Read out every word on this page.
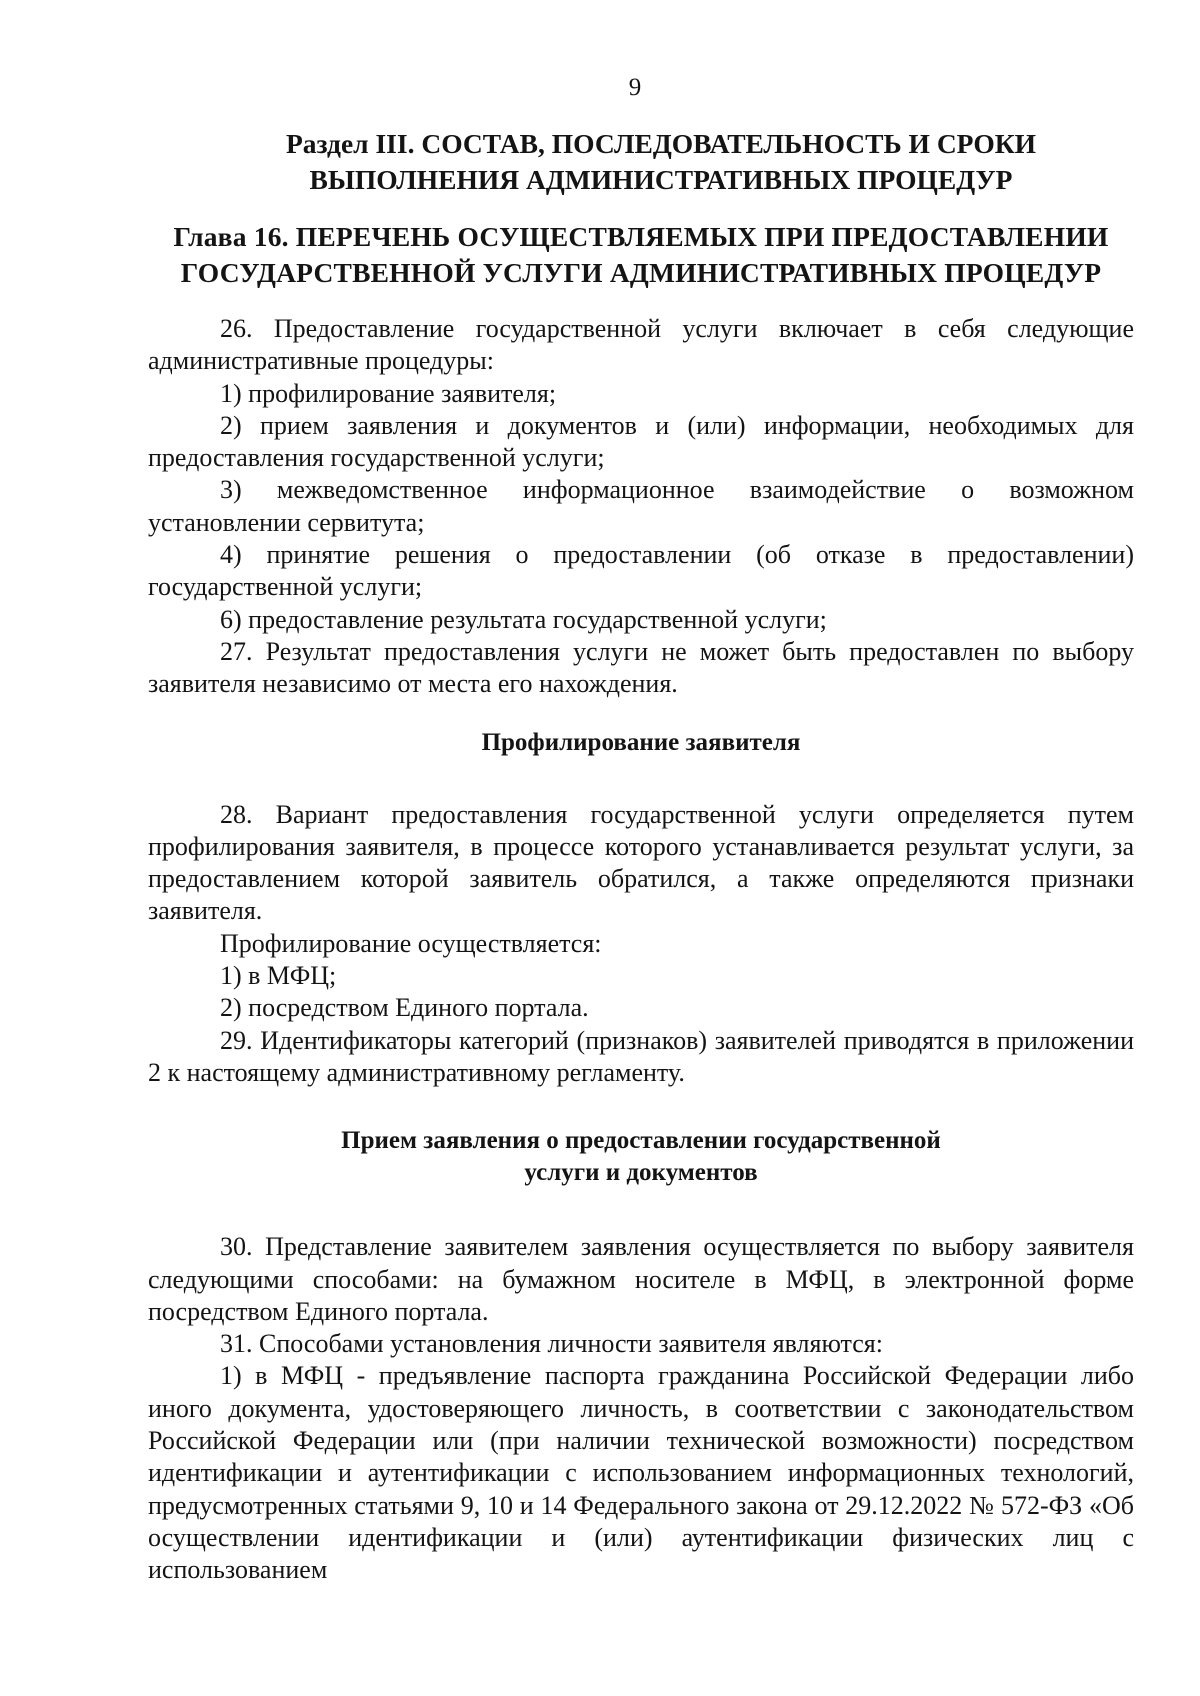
9
Раздел III. СОСТАВ, ПОСЛЕДОВАТЕЛЬНОСТЬ И СРОКИ
ВЫПОЛНЕНИЯ АДМИНИСТРАТИВНЫХ ПРОЦЕДУР
Глава 16. ПЕРЕЧЕНЬ ОСУЩЕСТВЛЯЕМЫХ ПРИ ПРЕДОСТАВЛЕНИИ
ГОСУДАРСТВЕННОЙ УСЛУГИ АДМИНИСТРАТИВНЫХ ПРОЦЕДУР

26. Предоставление государственной услуги включает в себя следующие административные процедуры:

1) профилирование заявителя;

2) прием заявления и документов и (или) информации, необходимых для предоставления государственной услуги;

3) межведомственное информационное взаимодействие о возможном установлении сервитута;

4) принятие решения о предоставлении (об отказе в предоставлении) государственной услуги;

6) предоставление результата государственной услуги;

27. Результат предоставления услуги не может быть предоставлен по выбору заявителя независимо от места его нахождения.

Профилирование заявителя

28. Вариант предоставления государственной услуги определяется путем профилирования заявителя, в процессе которого устанавливается результат услуги, за предоставлением которой заявитель обратился, а также определяются признаки заявителя.

Профилирование осуществляется:

1) в МФЦ;

2) посредством Единого портала.

29. Идентификаторы категорий (признаков) заявителей приводятся в приложении 2 к настоящему административному регламенту.

Прием заявления о предоставлении государственной
услуги и документов

30. Представление заявителем заявления осуществляется по выбору заявителя следующими способами: на бумажном носителе в МФЦ, в электронной форме посредством Единого портала.

31. Способами установления личности заявителя являются:

1) в МФЦ - предъявление паспорта гражданина Российской Федерации либо иного документа, удостоверяющего личность, в соответствии с законодательством Российской Федерации или (при наличии технической возможности) посредством идентификации и аутентификации с использованием информационных технологий, предусмотренных статьями 9, 10 и 14 Федерального закона от 29.12.2022 № 572-ФЗ «Об осуществлении идентификации и (или) аутентификации физических лиц с использованием
